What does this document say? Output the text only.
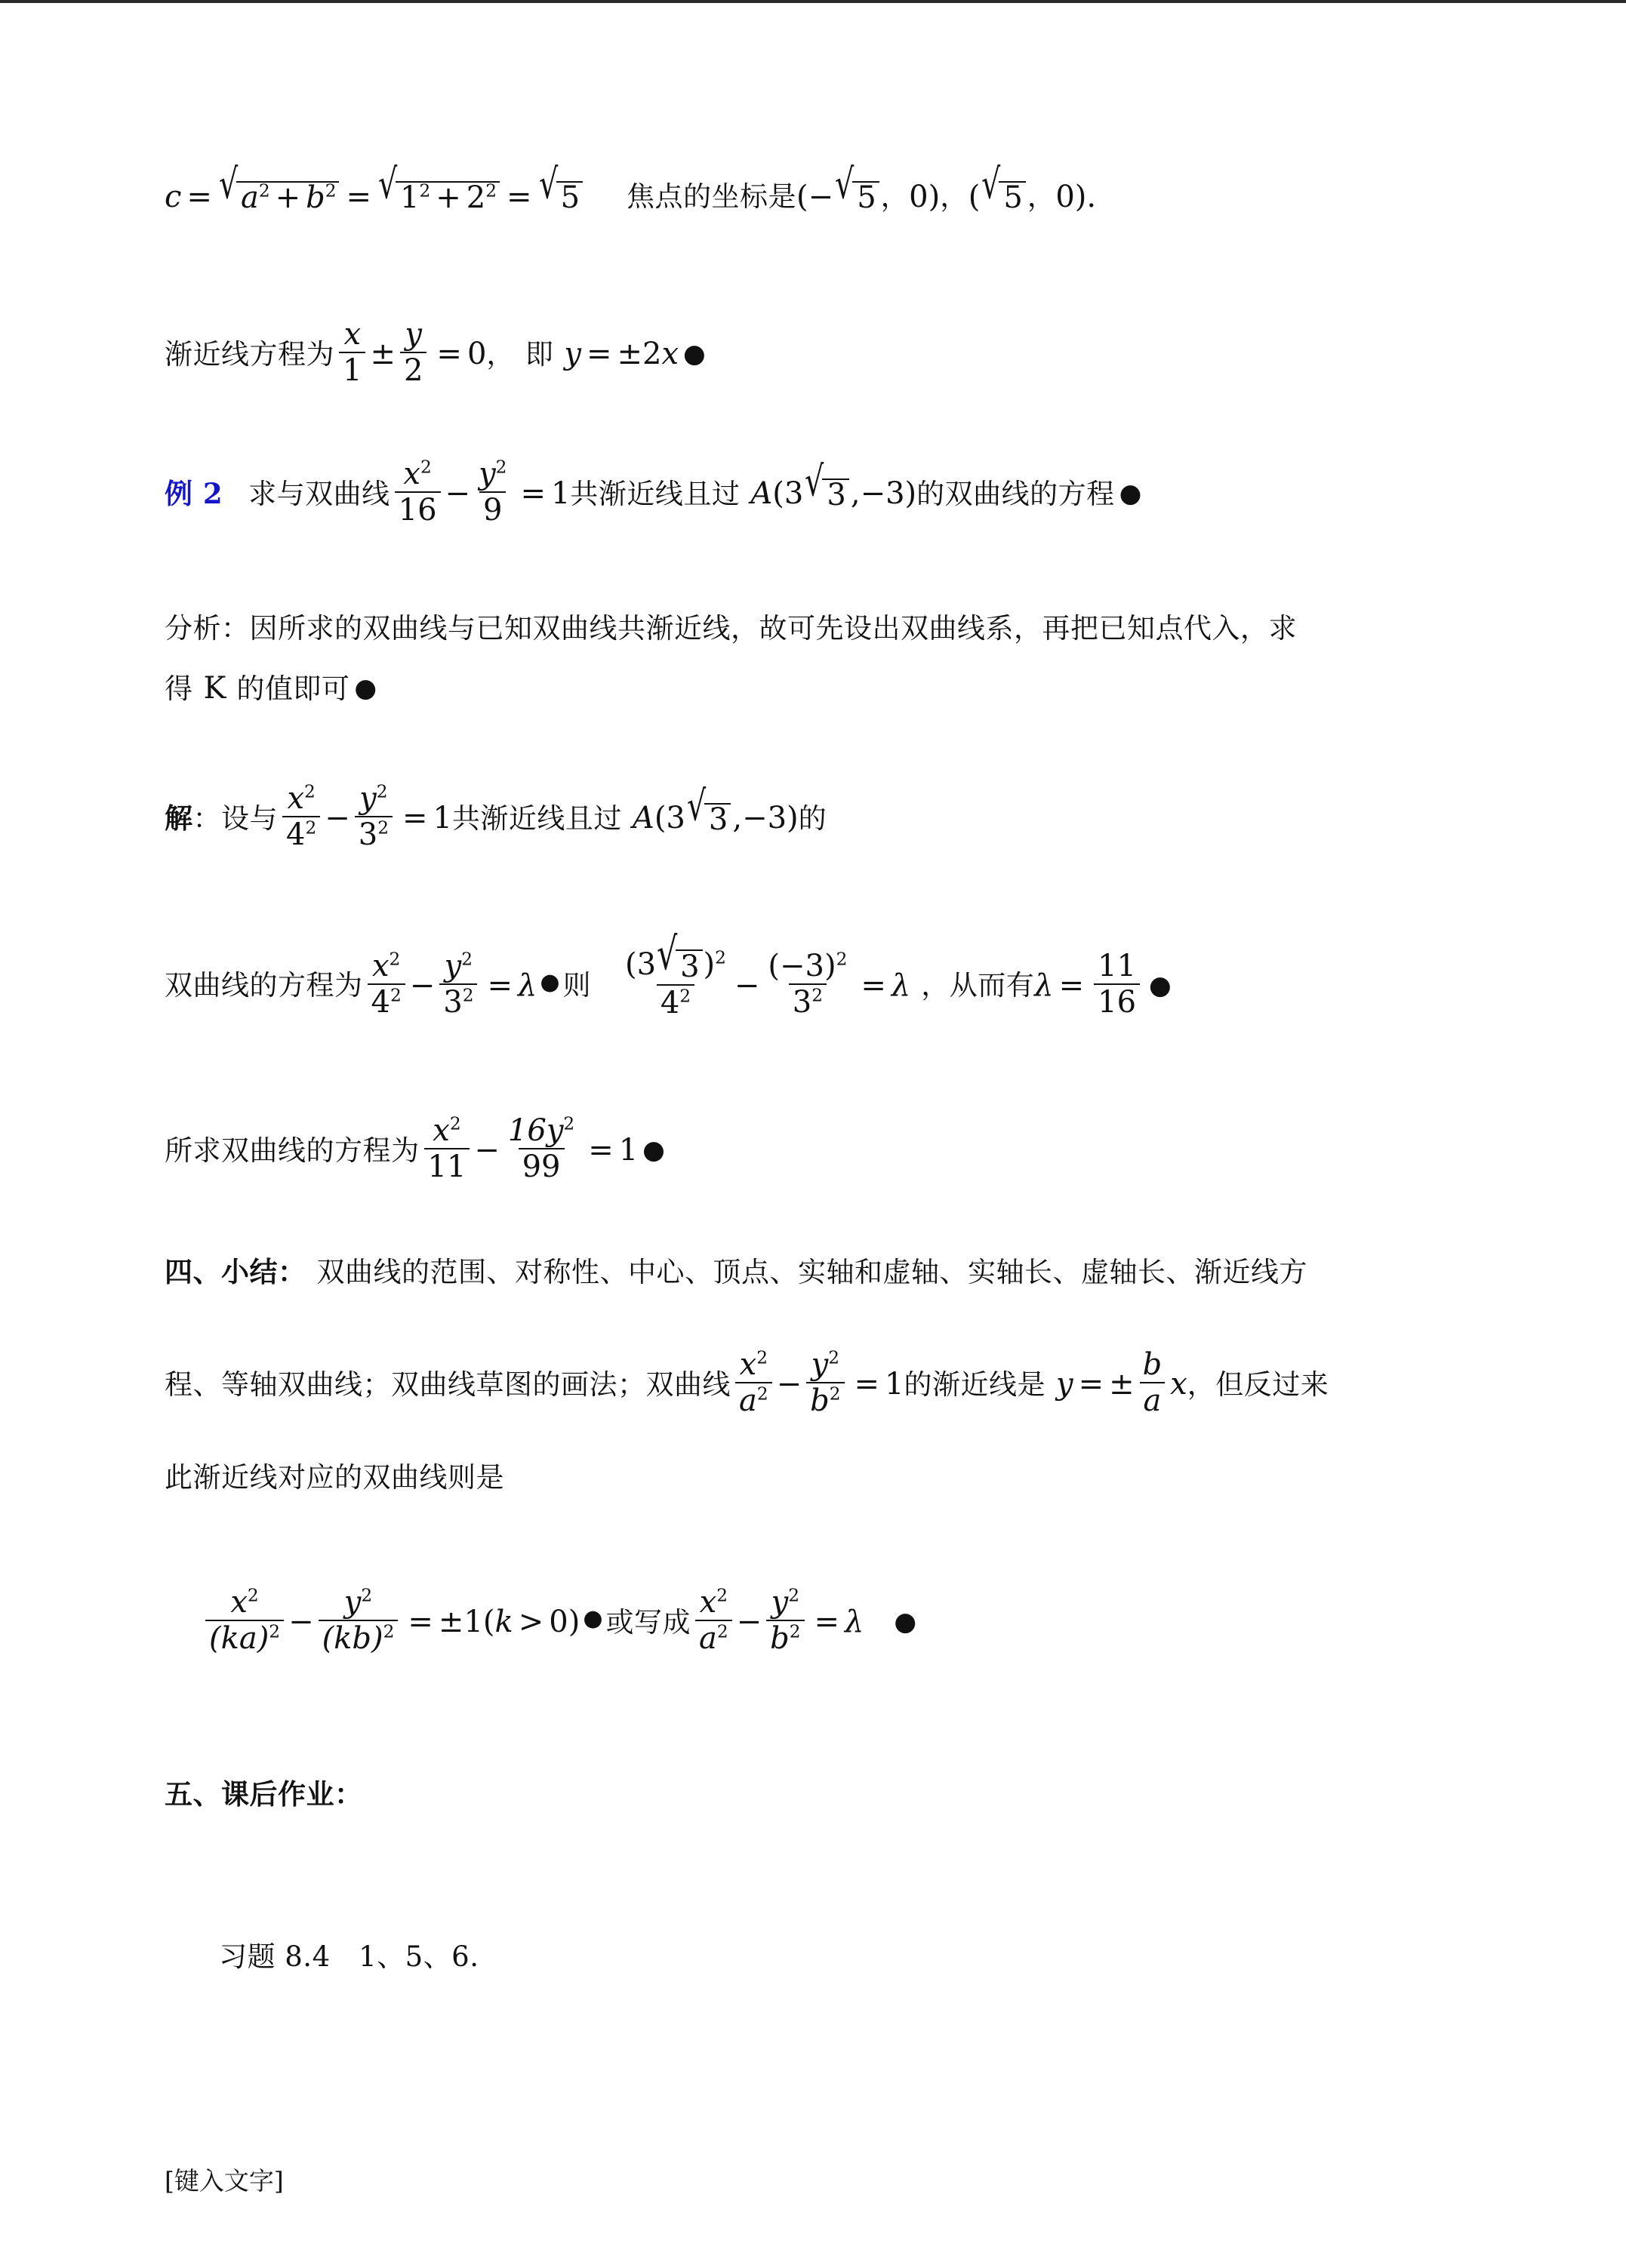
c = √ $a^2 + b^2$ = √ $1^2 + 2^2$ = √ 5 焦点的坐标是 ( − √ 5 ， 0 ) ， ( √ 5 ， 0 ) .
渐近线方程为 $\frac{x}{1} \pm \frac{y}{2} = 0$ ， 即 y = ± 2 x ●
例 2 求与双曲线 $\frac{x^2}{16} - \frac{y^2}{9} = 1$ 共渐近线且过 A ( 3 √ 3 ,−3) 的双曲线的方程 ●
分析：因所求的双曲线与已知双曲线共渐近线，故可先设出双曲线系，再把已知点代入，求
得 K 的值即可 ●
解 ： 设与 $\frac{x^2}{4^2} - \frac{y^2}{3^2} = 1$ 共渐近线且过 A ( 3 √ 3 ,−3) 的
双曲线的方程为 $\frac{x^2}{4^2} - \frac{y^2}{3^2} = \lambda$ ● 则 $\frac{(3 √ 3 )^2}{4^2} - \frac{(-3)^2}{3^2} = \lambda$ ， 从而有 $\lambda = \frac{11}{16}$ ●
所求双曲线的方程为 $\frac{x^2}{11} - \frac{16y^2}{99} = 1$ ●
四、小结 ： 双曲线的范围、对称性、中心、顶点、实轴和虚轴、实轴长、虚轴长、渐近线方
程、等轴双曲线；双曲线草图的画法；双曲线 $\frac{x^2}{a^2} - \frac{y^2}{b^2} = 1$ 的渐近线是 y = ± $\frac{b}{a}$ x ， 但反过来
此渐近线对应的双曲线则是
$\frac{x^2}{(ka)^2} - \frac{y^2}{(kb)^2} = \pm 1$( k > 0) ● 或写成 $\frac{x^2}{a^2} - \frac{y^2}{b^2} = \lambda$ ●
五、课后作业：
习题 8.4　1、5、6.
[键入文字]
